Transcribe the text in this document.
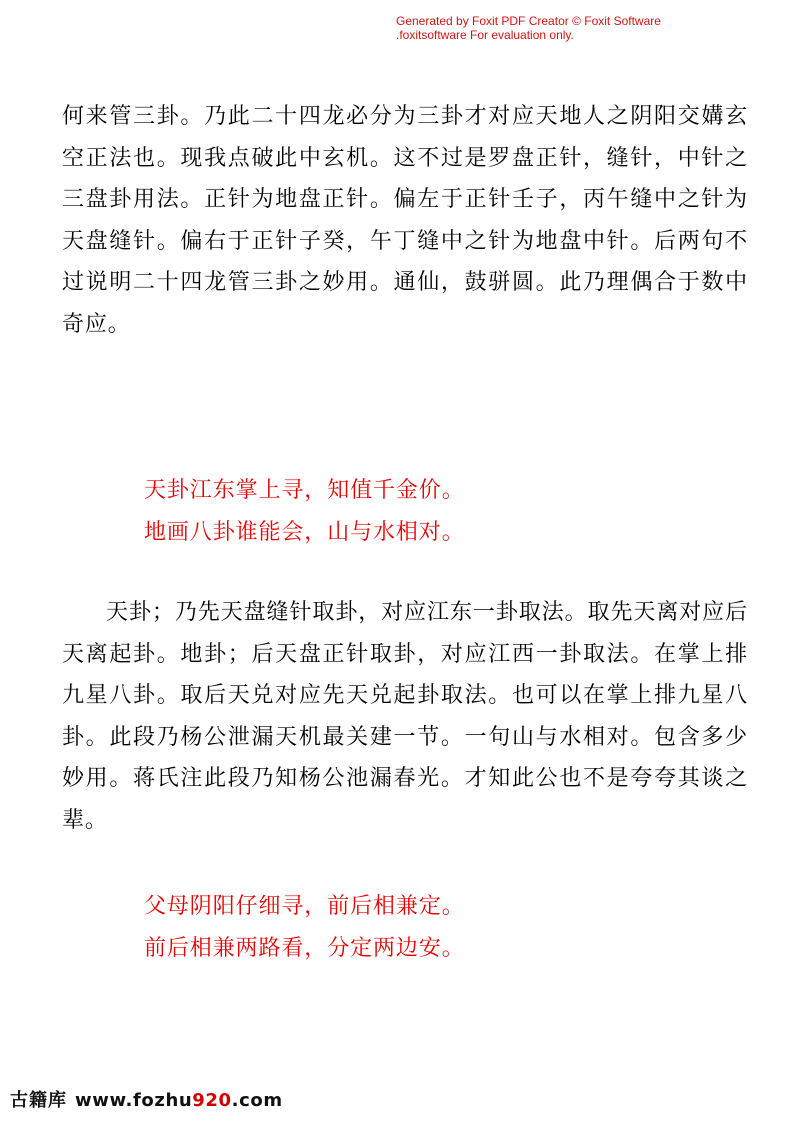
Generated by Foxit PDF Creator © Foxit Software
.foxitsoftware For evaluation only.

何来管三卦。乃此二十四龙必分为三卦才对应天地人之阴阳交媾玄空正法也。现我点破此中玄机。这不过是罗盘正针，缝针，中针之三盘卦用法。正针为地盘正针。偏左于正针壬子，丙午缝中之针为天盘缝针。偏右于正针子癸，午丁缝中之针为地盘中针。后两句不过说明二十四龙管三卦之妙用。通仙，鼓骈圆。此乃理偶合于数中奇应。

天卦江东掌上寻，知值千金价。
地画八卦谁能会，山与水相对。

天卦；乃先天盘缝针取卦，对应江东一卦取法。取先天离对应后天离起卦。地卦；后天盘正针取卦，对应江西一卦取法。在掌上排九星八卦。取后天兑对应先天兑起卦取法。也可以在掌上排九星八卦。此段乃杨公泄漏天机最关建一节。一句山与水相对。包含多少妙用。蒋氏注此段乃知杨公池漏春光。才知此公也不是夸夸其谈之辈。

父母阴阳仔细寻，前后相兼定。
前后相兼两路看，分定两边安。
古籍库 www.fozhu920.com
